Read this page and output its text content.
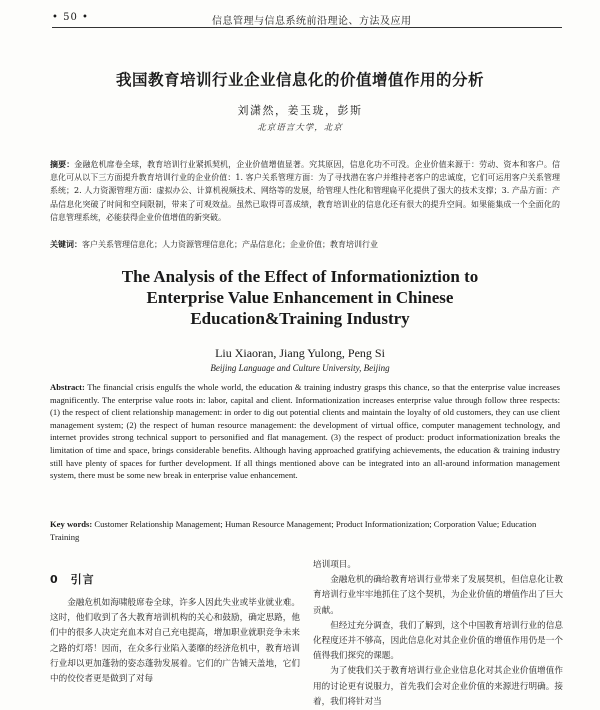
• 50 •	信息管理与信息系统前沿理论、方法及应用
我国教育培训行业企业信息化的价值增值作用的分析
刘潇然，姜玉珑，彭斯
北京语言大学，北京
摘要：金融危机席卷全球，教育培训行业紧抓契机，企业价值增值显著。究其原因，信息化功不可没。企业价值来源于：劳动、资本和客户。信息化可从以下三方面提升教育培训行业的企业价值：1. 客户关系管理方面：为了寻找潜在客户并维持老客户的忠诚度，它们可运用客户关系管理系统；2. 人力资源管理方面：虚拟办公、计算机视频技术、网络等的发展，给管理人性化和管理扁平化提供了强大的技术支撑；3. 产品方面：产品信息化突破了时间和空间限制，带来了可观效益。虽然已取得可喜成绩，教育培训业的信息化还有很大的提升空间。如果能集成一个全面化的信息管理系统，必能获得企业价值增值的新突破。
关键词：客户关系管理信息化；人力资源管理信息化；产品信息化；企业价值；教育培训行业
The Analysis of the Effect of Informationiztion to
Enterprise Value Enhancement in Chinese
Education&Training Industry
Liu Xiaoran, Jiang Yulong, Peng Si
Beijing Language and Culture University, Beijing
Abstract: The financial crisis engulfs the whole world, the education & training industry grasps this chance, so that the enterprise value increases magnificently. The enterprise value roots in: labor, capital and client. Informationization increases enterprise value through follow three respects: (1) the respect of client relationship management: in order to dig out potential clients and maintain the loyalty of old customers, they can use client management system; (2) the respect of human resource management: the development of virtual office, computer management technology, and internet provides strong technical support to personified and flat management. (3) the respect of product: product informationization breaks the limitation of time and space, brings considerable benefits. Although having approached gratifying achievements, the education & training industry still have plenty of spaces for further development. If all things mentioned above can be integrated into an all-around information management system, there must be some new break in enterprise value enhancement.
Key words: Customer Relationship Management; Human Resource Management; Product Informationization; Corporation Value; Education Training
0　引言

金融危机如海啸般席卷全球，许多人因此失业或毕业就业难。这时，他们收到了各大教育培训机构的关心和鼓励，确定思路，他们中的很多人决定充血本对自己充电提高，增加职业就职竞争未来之路的灯塔！因而，在众多行业陷入萎靡的经济危机中，教育培训行业却以更加蓬勃的姿态蓬勃发展着。它们的广告铺天盖地，它们中的佼佼者更是做到了对每

培训项目。

金融危机的确给教育培训行业带来了发展契机，但信息化让教育培训行业牢牢地抓住了这个契机，为企业价值的增值作出了巨大贡献。

但经过充分调查，我们了解到，这个中国教育培训行业的信息化程度还并不够高，因此信息化对其企业价值的增值作用仍是一个值得我们探究的课题。

为了使我们关于教育培训行业企业信息化对其企业价值增值作用的讨论更有说服力，首先我们会对企业价值的来源进行明确。接着，我们将针对当
